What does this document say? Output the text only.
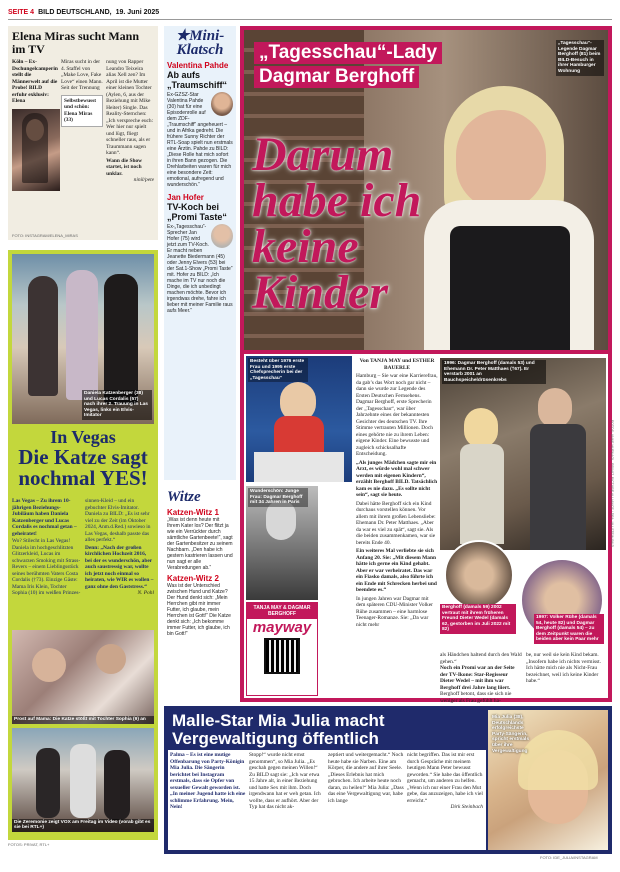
SEITE 4 BILD DEUTSCHLAND, 19. Juni 2025
Elena Miras sucht Mann im TV
Köln – Ex-Dschungelcamperin stellt die Männerwelt auf die Probe! BILD erfuhr exklusiv: Elena
Miras sucht in der 4. Staffel von „Make Love, Fake Love“ einen Mann. Seit der Trennung
Selbstbewusst und schön: Elena Miras (33)
nung von Rapper Leandro Teixeira alias Xell zen? Im April ist die Mutter einer kleinen Tochter (Aylen, 6, aus der Beziehung mit Mike Heiter) Single. Das Reality-Sternchen: „Ich verspreche euch: Wer hier nur spielt und lügt, fliegt schneller raus, als er Traummann sagen kann“.
Wann die Show startet, ist noch unklar.
ninil/pete
FOTO: INSTAGRAM/ELENA_MIRAS
Daniela Katzenberger (38) und Lucas Cordalis (57) nach ihrer 2. Trauung in Las Vegas, links ein Elvis-Imitator
In Vegas
Die Katze sagt nochmal YES!
Las Vegas – Zu ihrem 10-jährigen Beziehungs-Jubiläum haben Daniela Katzenberger und Lucas Cordalis es nochmal getan – geheiratet!
Wo? Stilecht in Las Vegas! Daniela im hochgeschlitzten Glitzerkleid, Lucas im schwarzen Smoking mit Strass-Revers – einem Lieblingsstück seines berühmten Vaters Costa Cordalis (†73). Einzige Gäste: Mama Iris Klein, Tochter Sophia (10) im weißen Prinzes-
sinnen-Kleid – und ein gebuchter Elvis-Imitator. Daniela zu BILD: „Es ist sehr viel zu der Zeit (im Oktober 2024, Anm.d.Red.) sowieso in Las Vegas, deshalb passte das alles perfekt.“
Denn: „Nach der großen kirchlichen Hochzeit 2016, bei der es wunderschön, aber auch saustressig war, wollte ich jetzt noch einmal so heiraten, wie WIR es wollen – ganz ohne den Gaststress.“
N. Pohl
Prost auf Mama: Die Katze stößt mit Tochter Sophia (9) an
Die Zeremonie zeigt VOX am Freitag im Video (vorab gibt es sie bei RTL+)
FOTOS: PRIVAT, RTL+
★Mini-Klatsch
Valentina Pahde
Ab aufs „Traumschiff“
Ex-GZSZ-Star Valentina Pahde (30) hat für eine Episodenrolle auf dem ZDF-„Traumschiff“ angeheuert – und in Afrika gedreht. Die frühere Sunny Richter der RTL-Soap spielt nun erstmals eine Ärztin. Pahde zu BILD: „Diese Rolle hat mich sofort in ihren Bann gezogen. Die Drehlarbeiten waren für mich eine besondere Zeit: emotional, aufregend und wunderschön.“
Jan Hofer
TV-Koch bei „Promi Taste“
Ex-„Tagesschau“-Sprecher Jan Hofer (75) wird jetzt zum TV-Koch. Er macht neben Jeanette Biedermann (45) oder Jenny Elvers (53) bei der Sat.1-Show „Promi Taste“ mit. Hofer zu BILD: „Ich mache im TV nur noch die Dinge, die ich unbedingt machen möchte. Bevor ich irgendwas drehe, fahre ich lieber mit meiner Familie raus aufs Meer.“
Witze
Katzen-Witz 1
„Was ist denn heute mit Ihrem Kater los? Der flitzt ja wie ein Verrückter durch sämtliche Gartenbeete!“, sagt der Gartenbesitzer zu seinem Nachbarn. „Den habe ich gestern kastrieren lassen und nun sagt er alle Verabredungen ab.“
Katzen-Witz 2
Was ist der Unterschied zwischen Hund und Katze? Der Hund denkt sich: „Mein Herrchen gibt mir immer Futter, ich glaube, mein Herrchen ist Gott!“ Die Katze denkt sich: „Ich bekomme immer Futter, ich glaube, ich bin Gott!“
„Tagesschau“-Lady
Dagmar Berghoff
Darum
habe ich
keine
Kinder
„Tagesschau“-Legende Dagmar Berghoff (81) beim BILD-Besuch in ihrer Hamburger Wohnung
Besteht über 1976 erste Frau und 1995 erste Chefsprecherin bei der „Tagesschau“
Wunderschön: Junge Frau: Dagmar Berghoff mit 34 Jahren in Paris
TANJA MAY & DAGMAR BERGHOFF
mayway
Von TANJA MAY und ESTHER BAUERLE
Hamburg – Sie war eine Karrierefrau, da gab’s das Wort noch gar nicht – dann sie wurde zur Legende des Ersten Deutschen Fernsehens. Dagmar Berghoff, erste Sprecherin der „Tagesschau“, war über Jahrzehnte eines der bekanntesten Gesichter des deutschen TV. Ihre Stimme vertrauten Millionen. Doch eines gehörte nie zu ihrem Leben: eigene Kinder. Eine bewusste und zugleich schicksalhafte Entscheidung.
„Als junges Mädchen sagte mir ein Arzt, es würde wohl mal schwer werden mit eigenen Kindern“, erzählt Berghoff BILD. Tatsächlich kam es nie dazu. „Es sollte nicht sein“, sagt sie heute.
Dabei hätte Berghoff sich ein Kind durchaus vorstellen können. Vor allem mit ihrem großen Lebensliebe: Ehemann Dr. Peter Matthaes. „Aber da war es viel zu spät“, sagt sie. Als die beiden zusammenkamen, war sie bereits Ende 40.
Ein weiteres Mal verliebte sie sich Anfang 20. Sie: „Mit diesem Mann hätte ich gerne ein Kind gehabt. Aber er war verheiratet. Das war ein Fiasko damals, also führte ich ein Ende mit Schrecken herbei und beendete es.“
In jungen Jahren war Dagmar mit dem späteren CDU-Minister Volker Rühe zusammen – eine harmlose Teenager-Romanze. Sie: „Da war nicht mehr
1996: Dagmar Berghoff (damals 53) und Ehemann Dr. Peter Matthaes (†67). Er verstarb 2001 an Bauchspeicheldrüsenkrebs
Berghoff (damals 59) 2002 vertraut mit ihrem früheren Freund Dieter Wedel (damals 62, gestorben im Juli 2022 mit 82)
1997: Volker Rühe (damals 54, heute 82) und Dagmar Berghoff (damals 54) – zu dem Zeitpunkt waren die beiden aber kein Paar mehr
als Händchen haltend durch den Wald gehen.“
Noch ein Promi war an der Seite der TV-Ikone: Star-Regisseur Dieter Wedel – mit ihm war Berghoff drei Jahre lang liiert.
Berghoff betont, dass sie sich nie weniger als Frau gefühlt ha-
be, nur weil sie kein Kind bekam. „Insofern habe ich nichts vermisst. Ich hätte mich nie als Nicht-Frau bezeichnet, weil ich keine Kinder habe.“
FOTOS: ANNE HUFNAGL, PRIVAT, PICTURE ALLIANCE / DPA, ULLSTEIN BILD
Malle-Star Mia Julia macht Vergewaltigung öffentlich
Palma – Es ist eine mutige Offenbarung von Party-Königin Mia Julia. Die Sängerin berichtet bei Instagram erstmals, dass sie Opfer von sexueller Gewalt geworden ist. „In meiner Jugend hatte ich eine schlimme Erfahrung. Mein, Nein!
Stopp!“ wurde nicht ernst genommen“, so Mia Julia. „Es geschah gegen meinen Willen!“ Zu BILD sagt sie: „Ich war etwa 15 Jahre alt, in einer Beziehung und hatte Sex mit ihm. Doch irgendwann hat er weh getan. Ich wollte, dass er aufhört. Aber der Typ hat das nicht ak-
zeptiert und weitergemacht.“ Noch heute habe sie Narben. Eine am Körper, die andere auf ihrer Seele. „Dieses Erlebnis hat mich gebrochen. Ich arbeite heute noch daran, zu heilen!“ Mia Julia: „Dass das eine Vergewaltigung war, habe ich lange
nicht begriffen. Das ist mir erst durch Gespräche mit meinem heutigen Mann Peter bewusst geworden.“ Sie habe das öffentlich gemacht, um anderen zu helfen. „Wenn ich nur einer Frau den Mut gebe, das anzuzeigen, habe ich viel erreicht.“
Dirk Steinbach
Mia Julia (38), Deutschlands erfolgreichste Party-Sängerin, spricht erstmals über ihre Vergewaltigung
FOTO: IDE_JULIA/INSTAGRAM
